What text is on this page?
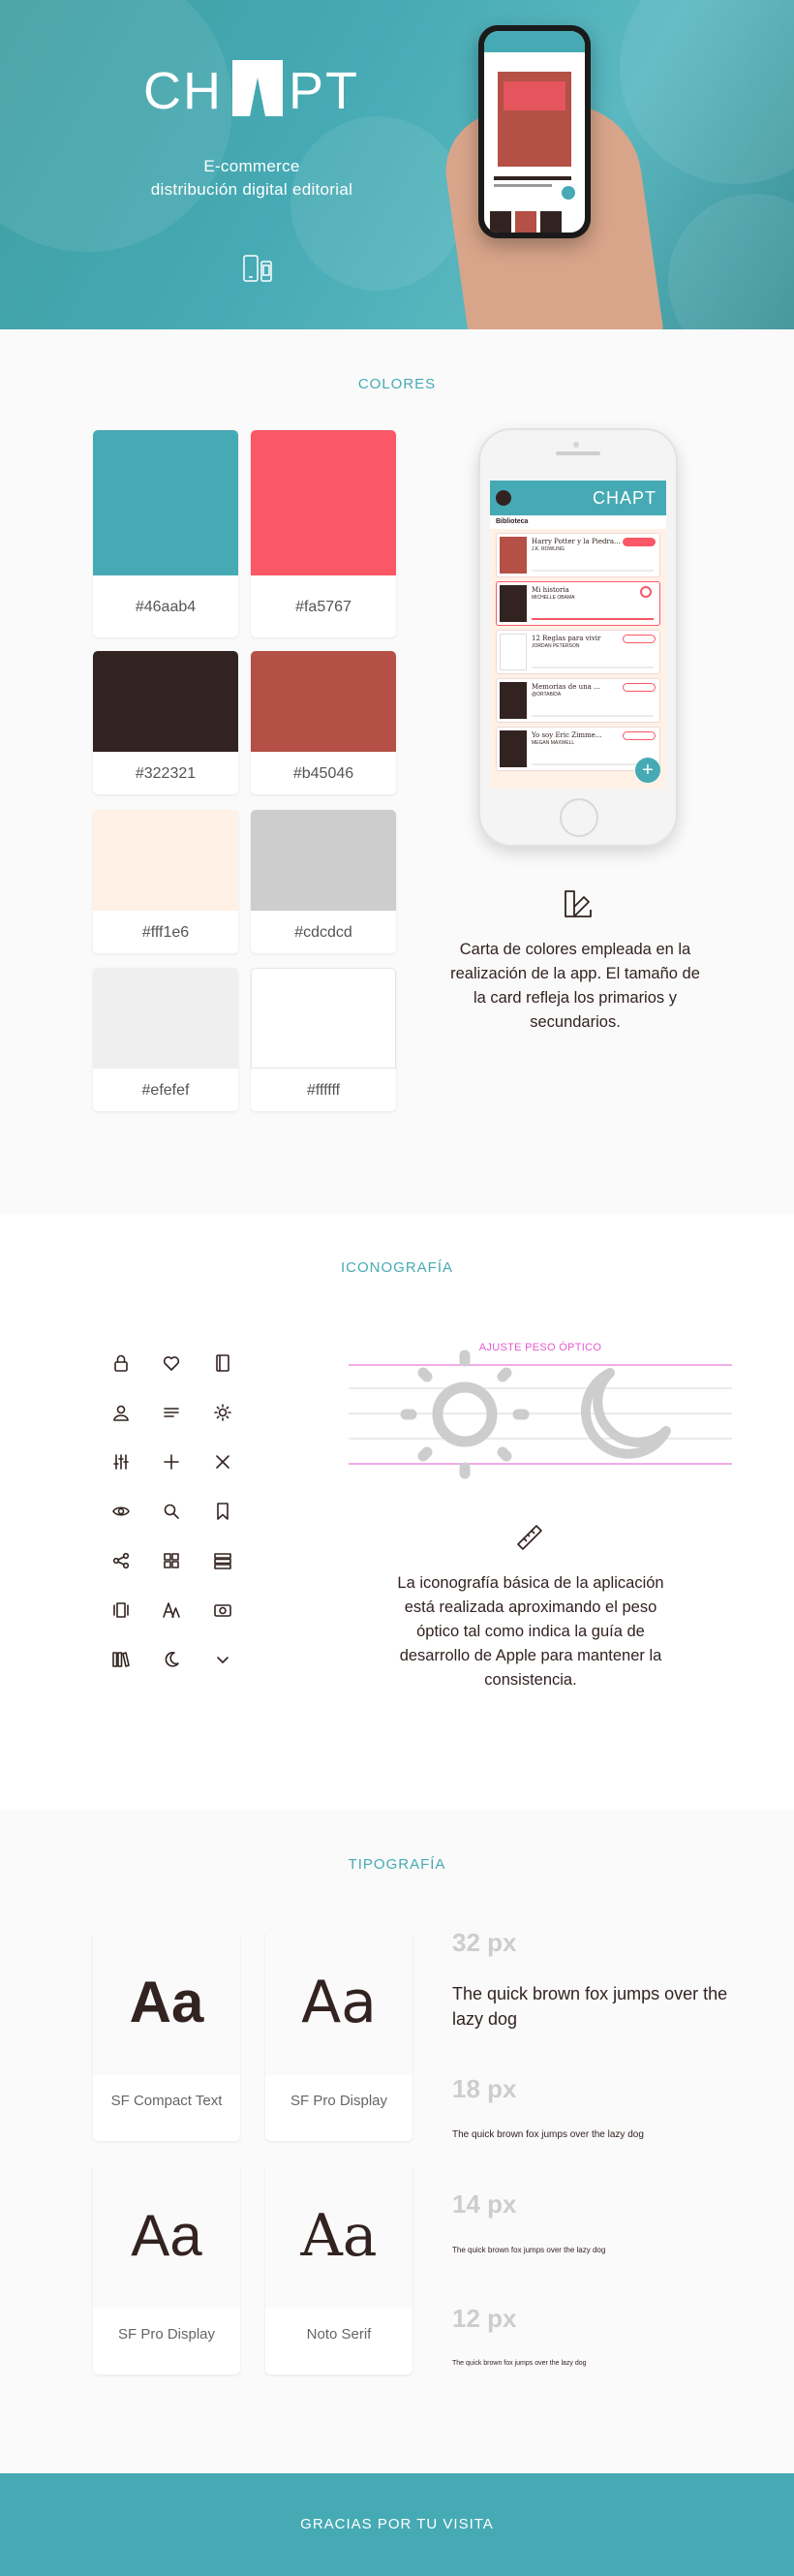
CH PT
CHAPT
E-commerce
distribución digital editorial
COLORES
#46aab4	#fa5767
#322321	#b45046
#fff1e6	#cdcdcd
#efefef	#ffffff
CHAPT
Biblioteca
Harry Potter y la Piedra...
J.K. ROWLING
Mi historia
MICHELLE OBAMA
12 Reglas para vivir
JORDAN PETERSON
Memorias de una ...
@ORTABIDA
Yo soy Eric Zimme...
MEGAN MAXWELL
+
Carta de colores empleada en la realización de la app. El tamaño de la card refleja los primarios y secundarios.
ICONOGRAFÍA
AJUSTE PESO ÓPTICO
La iconografía básica de la aplicación está realizada aproximando el peso óptico tal como indica la guía de desarrollo de Apple para mantener la consistencia.
TIPOGRAFÍA
Aa
SF Compact Text
Aa
SF Pro Display
Aa
SF Pro Display
Aa
Noto Serif
32 px
The quick brown fox jumps over the lazy dog
18 px
The quick brown fox jumps over the lazy dog
14 px
The quick brown fox jumps over the lazy dog
12 px
The quick brown fox jumps over the lazy dog
GRACIAS POR TU VISITA
